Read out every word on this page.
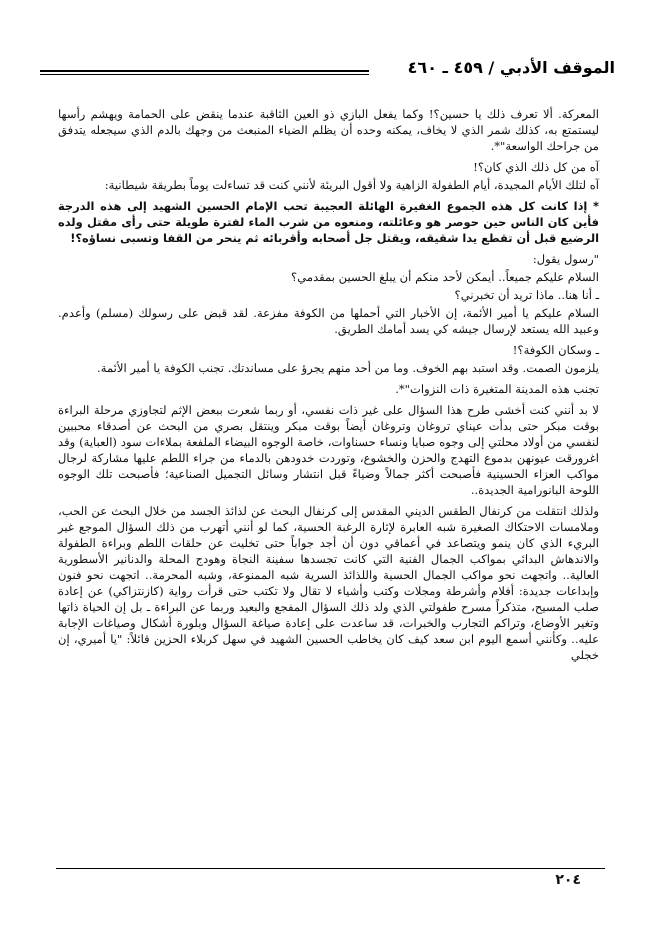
الموقف الأدبي / ٤٥٩ ـ ٤٦٠

المعركة. ألا تعرف ذلك يا حسين؟! وكما يفعل البازي ذو العين الثاقبة عندما ينقض على الحمامة ويهشم رأسها ليستمتع به، كذلك شمر الذي لا يخاف، يمكنه وحده أن يظلم الضياء المنبعث من وجهك بالدم الذي سيجعله يتدفق من جراحك الواسعة"*.

آه من كل ذلك الذي كان؟!

آه لتلك الأيام المجيدة، أيام الطفولة الزاهية ولا أقول البريئة لأنني كنت قد تساءلت يوماً بطريقة شيطانية:

* إذا كانت كل هذه الجموع الغفيرة الهائلة العجيبة تحب الإمام الحسين الشهيد إلى هذه الدرجة فأين كان الناس حين حوصر هو وعائلته، ومنعوه من شرب الماء لفترة طويلة حتى رأى مقتل ولده الرضيع قبل أن تقطع يدا شقيقه، ويقتل جل أصحابه وأقربائه ثم ينحر من القفا وتسبى نساؤه؟!

"رسول يقول:

السلام عليكم جميعاً.. أيمكن لأحد منكم أن يبلغ الحسين بمقدمي؟

ـ أنا هنا.. ماذا تريد أن تخبرني؟

السلام عليكم يا أمير الأئمة، إن الأخبار التي أحملها من الكوفة مفزعة. لقد قبض على رسولك (مسلم) وأعدم. وعبيد الله يستعد لإرسال جيشه كي يسد أمامك الطريق.

ـ وسكان الكوفة؟!

يلزمون الصمت. وقد استبد بهم الخوف. وما من أحد منهم يجرؤ على مساندتك. تجنب الكوفة يا أمير الأئمة.

تجنب هذه المدينة المتغيرة ذات النزوات"*.

لا بد أنني كنت أخشى طرح هذا السؤال على غير ذات نفسي، أو ربما شعرت ببعض الإثم لتجاوزي مرحلة البراءة بوقت مبكر حتى بدأت عيناي تروغان وتروغان أيضاً بوقت مبكر وينتقل بصري من البحث عن أصدقاء محببين لنفسي من أولاد محلتي إلى وجوه صبايا ونساء حسناوات، خاصة الوجوه البيضاء الملفعة بملاءات سود (العباية) وقد اغرورقت عيونهن بدموع التهدج والحزن والخشوع، وتوردت خدودهن بالدماء من جراء اللطم عليها مشاركة لرجال مواكب العزاء الحسينية فأصبحت أكثر جمالاً وضياءً قبل انتشار وسائل التجميل الصناعية؛ فأصبحت تلك الوجوه اللوحة البانورامية الجديدة..

ولذلك انتقلت من كرنفال الطقس الديني المقدس إلى كرنفال البحث عن لذائذ الجسد من خلال البحث عن الحب، وملامسات الاحتكاك الصغيرة شبه العابرة لإثارة الرغبة الحسية، كما لو أنني أتهرب من ذلك السؤال الموجع غير البريء الذي كان ينمو ويتصاعد في أعماقي دون أن أجد جواباً حتى تخليت عن حلقات اللطم وبراءة الطفولة والاندهاش البدائي بمواكب الجمال الفنية التي كانت تجسدها سفينة النجاة وهودج المحلة والدنانير الأسطورية العالية.. واتجهت نحو مواكب الجمال الحسية واللذائذ السرية شبه الممنوعة، وشبه المحرمة.. اتجهت نحو فنون وإبداعات جديدة: أفلام وأشرطة ومجلات وكتب وأشياء لا تقال ولا تكتب حتى قرأت رواية (كازنتزاكي) عن إعادة صلب المسيح، متذكراً مسرح طفولتي الذي ولد ذلك السؤال المفجع والبعيد وربما عن البراءة ـ بل إن الحياة ذاتها وتغير الأوضاع، وتراكم التجارب والخبرات، قد ساعدت على إعادة صياغة السؤال وبلورة أشكال وصياغات الإجابة عليه.. وكأنني أسمع اليوم ابن سعد كيف كان يخاطب الحسين الشهيد في سهل كربلاء الحزين قائلاً: "يا أميري، إن خجلي

٢٠٤
